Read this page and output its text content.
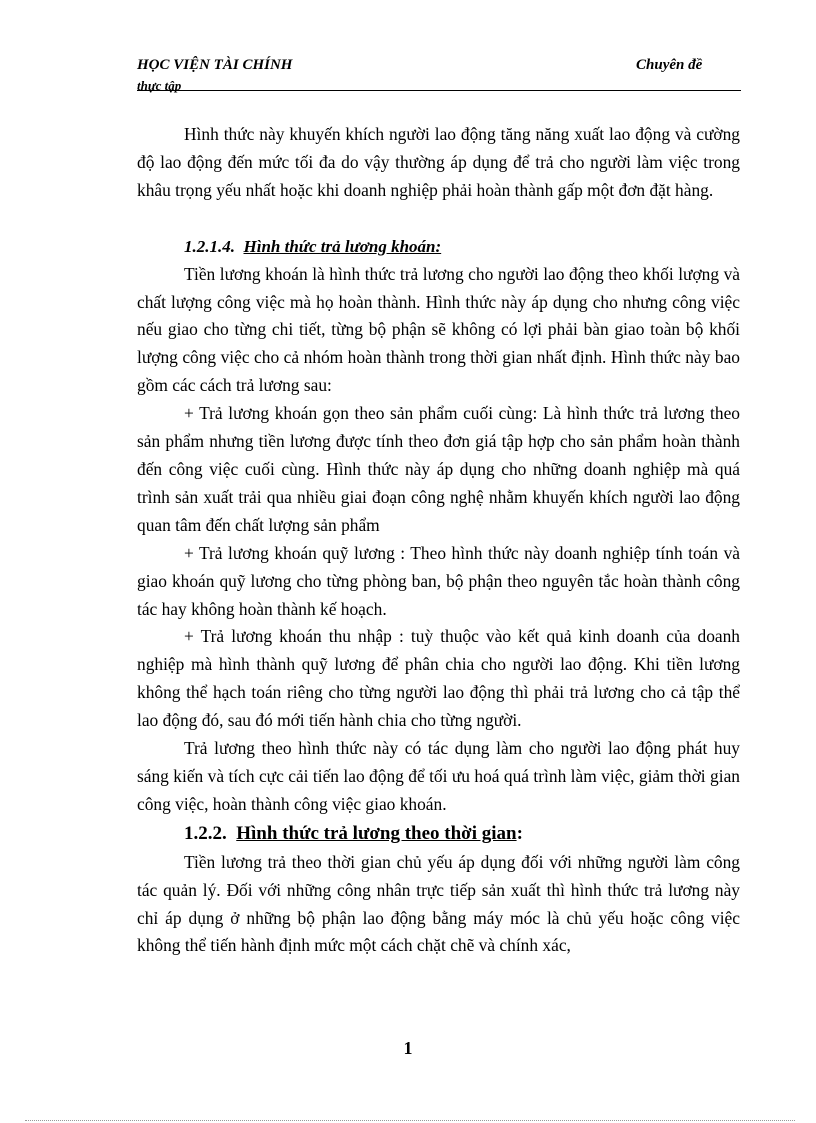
HỌC VIỆN TÀI CHÍNH
thực tập
Chuyên đề

Hình thức này khuyến khích người lao động tăng năng xuất lao động và cường độ lao động đến mức tối đa do vậy thường áp dụng để trả cho người làm việc trong khâu trọng yếu nhất hoặc khi doanh nghiệp phải hoàn thành gấp một đơn đặt hàng.

1.2.1.4. Hình thức trả lương khoán:

Tiền lương khoán là hình thức trả lương cho người lao động theo khối lượng và chất lượng công việc mà họ hoàn thành. Hình thức này áp dụng cho nhưng công việc nếu giao cho từng chi tiết, từng bộ phận sẽ không có lợi phải bàn giao toàn bộ khối lượng công việc cho cả nhóm hoàn thành trong thời gian nhất định. Hình thức này bao gồm các cách trả lương sau:

+ Trả lương khoán gọn theo sản phẩm cuối cùng: Là hình thức trả lương theo sản phẩm nhưng tiền lương được tính theo đơn giá tập hợp cho sản phẩm hoàn thành đến công việc cuối cùng. Hình thức này áp dụng cho những doanh nghiệp mà quá trình sản xuất trải qua nhiều giai đoạn công nghệ nhằm khuyến khích người lao động quan tâm đến chất lượng sản phẩm

+ Trả lương khoán quỹ lương : Theo hình thức này doanh nghiệp tính toán và giao khoán quỹ lương cho từng phòng ban, bộ phận theo nguyên tắc hoàn thành công tác hay không hoàn thành kế hoạch.

+ Trả lương khoán thu nhập : tuỳ thuộc vào kết quả kinh doanh của doanh nghiệp mà hình thành quỹ lương để phân chia cho người lao động. Khi tiền lương không thể hạch toán riêng cho từng người lao động thì phải trả lương cho cả tập thể lao động đó, sau đó mới tiến hành chia cho từng người.

Trả lương theo hình thức này có tác dụng làm cho người lao động phát huy sáng kiến và tích cực cải tiến lao động để tối ưu hoá quá trình làm việc, giảm thời gian công việc, hoàn thành công việc giao khoán.

1.2.2. Hình thức trả lương theo thời gian:

Tiền lương trả theo thời gian chủ yếu áp dụng đối với những người làm công tác quản lý. Đối với những công nhân trực tiếp sản xuất thì hình thức trả lương này chỉ áp dụng ở những bộ phận lao động bằng máy móc là chủ yếu hoặc công việc không thể tiến hành định mức một cách chặt chẽ và chính xác,

1
